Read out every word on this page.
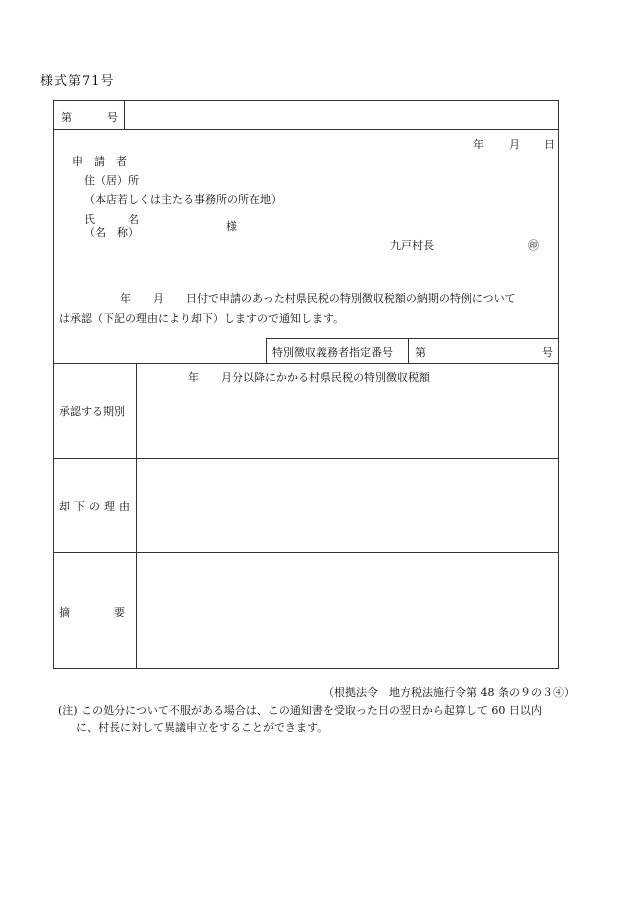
様式第71号
第	号
年 月 日
申　請　者
住（居）所
（本店若しくは主たる事務所の所在地）
氏　　　名
（名　称）	様
九戸村長	㊞
年　　月　　日付で申請のあった村県民税の特別徴収税額の納期の特例について
は承認（下記の理由により却下）しますので通知します。
特別徴収義務者指定番号 第	号
承認する期別
年　　月分以降にかかる村県民税の特別徴収税額
却下の理由
摘　　　　要
（根拠法令　地方税法施行令第 48 条の９の３④）
(注) この処分について不服がある場合は、この通知書を受取った日の翌日から起算して 60 日以内
に、村長に対して異議申立をすることができます。
